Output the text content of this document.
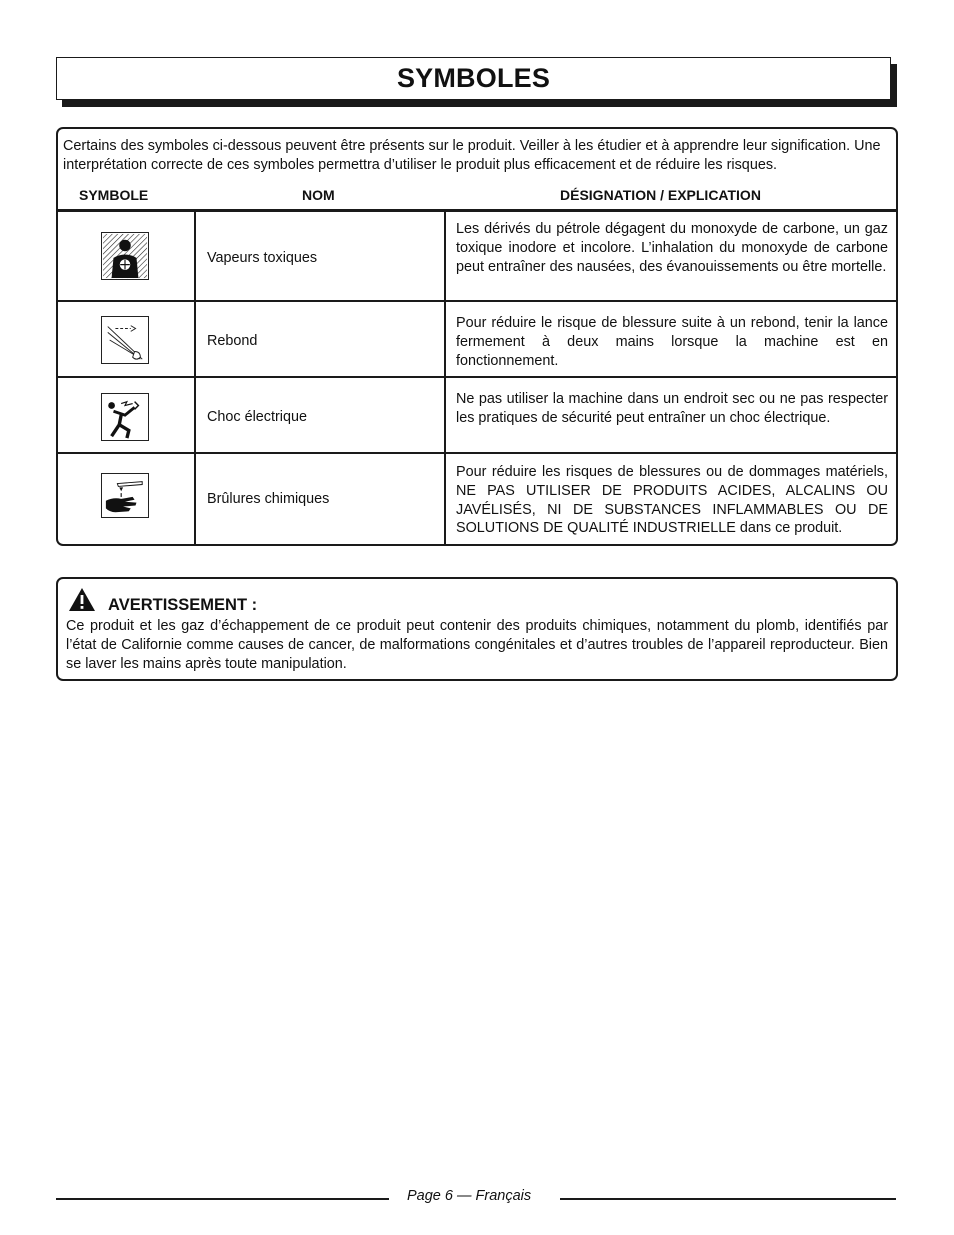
SYMBOLES
Certains des symboles ci-dessous peuvent être présents sur le produit. Veiller à les étudier et à apprendre leur signification. Une interprétation correcte de ces symboles permettra d’utiliser le produit plus efficacement et de réduire les risques.
SYMBOLE	NOM	DÉSIGNATION / EXPLICATION
Vapeurs toxiques
Les dérivés du pétrole dégagent du monoxyde de carbone, un gaz toxique inodore et incolore. L’inhalation du monoxyde de carbone peut entraîner des nausées, des évanouissements ou être mortelle.
Rebond
Pour réduire le risque de blessure suite à un rebond, tenir la lance fermement à deux mains lorsque la machine est en fonctionnement.
Choc électrique
Ne pas utiliser la machine dans un endroit sec ou ne pas respecter les pratiques de sécurité peut entraîner un choc électrique.
Brûlures chimiques
Pour réduire les risques de blessures ou de dommages matériels, NE PAS UTILISER DE PRODUITS ACIDES, ALCALINS OU JAVÉLISÉS, NI DE SUBSTANCES INFLAMMABLES OU DE SOLUTIONS DE QUALITÉ INDUSTRIELLE dans ce produit.
AVERTISSEMENT :
Ce produit et les gaz d’échappement de ce produit peut contenir des produits chimiques, notamment du plomb, identifiés par l’état de Californie comme causes de cancer, de malformations congénitales et d’autres troubles de l’appareil reproducteur. Bien se laver les mains après toute manipulation.
Page 6 — Français
